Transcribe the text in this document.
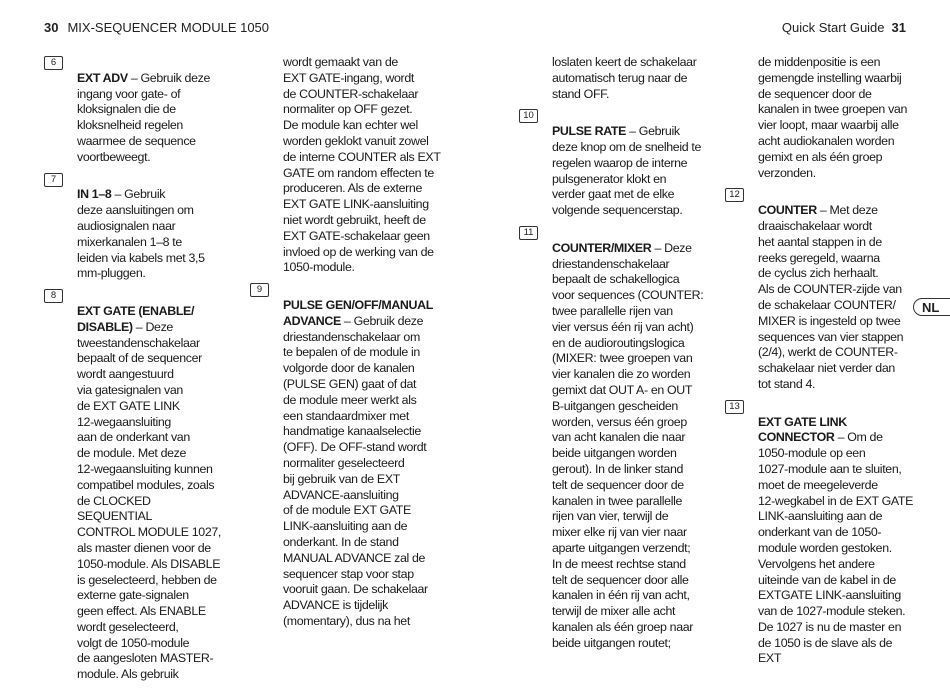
30 MIX-SEQUENCER MODULE 1050	Quick Start Guide 31

6
EXT ADV – Gebruik deze
ingang voor gate- of
kloksignalen die de
kloksnelheid regelen
waarmee de sequence
voortbeweegt.

7
IN 1–8 – Gebruik
deze aansluitingen om
audiosignalen naar
mixerkanalen 1–8 te
leiden via kabels met 3,5
mm-pluggen.

8
EXT GATE (ENABLE/
DISABLE) – Deze
tweestandenschakelaar
bepaalt of de sequencer
wordt aangestuurd
via gatesignalen van
de EXT GATE LINK
12-wegaansluiting
aan de onderkant van
de module. Met deze
12-wegaansluiting kunnen
compatibel modules, zoals
de CLOCKED SEQUENTIAL
CONTROL MODULE 1027,
als master dienen voor de
1050-module. Als DISABLE
is geselecteerd, hebben de
externe gate-signalen
geen effect. Als ENABLE
wordt geselecteerd,
volgt de 1050-module
de aangesloten MASTER-
module. Als gebruik

wordt gemaakt van de
EXT GATE-ingang, wordt
de COUNTER-schakelaar
normaliter op OFF gezet.
De module kan echter wel
worden geklokt vanuit zowel
de interne COUNTER als EXT
GATE om random effecten te
produceren. Als de externe
EXT GATE LINK-aansluiting
niet wordt gebruikt, heeft de
EXT GATE-schakelaar geen
invloed op de werking van de
1050-module.

9
PULSE GEN/OFF/MANUAL
ADVANCE – Gebruik deze
driestandenschakelaar om
te bepalen of de module in
volgorde door de kanalen
(PULSE GEN) gaat of dat
de module meer werkt als
een standaardmixer met
handmatige kanaalselectie
(OFF). De OFF-stand wordt
normaliter geselecteerd
bij gebruik van de EXT
ADVANCE-aansluiting
of de module EXT GATE
LINK-aansluiting aan de
onderkant. In de stand
MANUAL ADVANCE zal de
sequencer stap voor stap
vooruit gaan. De schakelaar
ADVANCE is tijdelijk
(momentary), dus na het

loslaten keert de schakelaar
automatisch terug naar de
stand OFF.

10
PULSE RATE – Gebruik
deze knop om de snelheid te
regelen waarop de interne
pulsgenerator klokt en
verder gaat met de elke
volgende sequencerstap.

11
COUNTER/MIXER – Deze
driestandenschakelaar
bepaalt de schakellogica
voor sequences (COUNTER:
twee parallelle rijen van
vier versus één rij van acht)
en de audioroutingslogica
(MIXER: twee groepen van
vier kanalen die zo worden
gemixt dat OUT A- en OUT
B-uitgangen gescheiden
worden, versus één groep
van acht kanalen die naar
beide uitgangen worden
gerout). In de linker stand
telt de sequencer door de
kanalen in twee parallelle
rijen van vier, terwijl de
mixer elke rij van vier naar
aparte uitgangen verzendt;
In de meest rechtse stand
telt de sequencer door alle
kanalen in één rij van acht,
terwijl de mixer alle acht
kanalen als één groep naar
beide uitgangen routet;

de middenpositie is een
gemengde instelling waarbij
de sequencer door de
kanalen in twee groepen van
vier loopt, maar waarbij alle
acht audiokanalen worden
gemixt en als één groep
verzonden.

12
COUNTER – Met deze
draaischakelaar wordt
het aantal stappen in de
reeks geregeld, waarna
de cyclus zich herhaalt.
Als de COUNTER-zijde van
de schakelaar COUNTER/
MIXER is ingesteld op twee
sequences van vier stappen
(2/4), werkt de COUNTER-
schakelaar niet verder dan
tot stand 4.

13
EXT GATE LINK
CONNECTOR – Om de
1050-module op een
1027-module aan te sluiten,
moet de meegeleverde
12-wegkabel in de EXT GATE
LINK-aansluiting aan de
onderkant van de 1050-
module worden gestoken.
Vervolgens het andere
uiteinde van de kabel in de
EXTGATE LINK-aansluiting
van de 1027-module steken.
De 1027 is nu de master en
de 1050 is de slave als de EXT

NL
